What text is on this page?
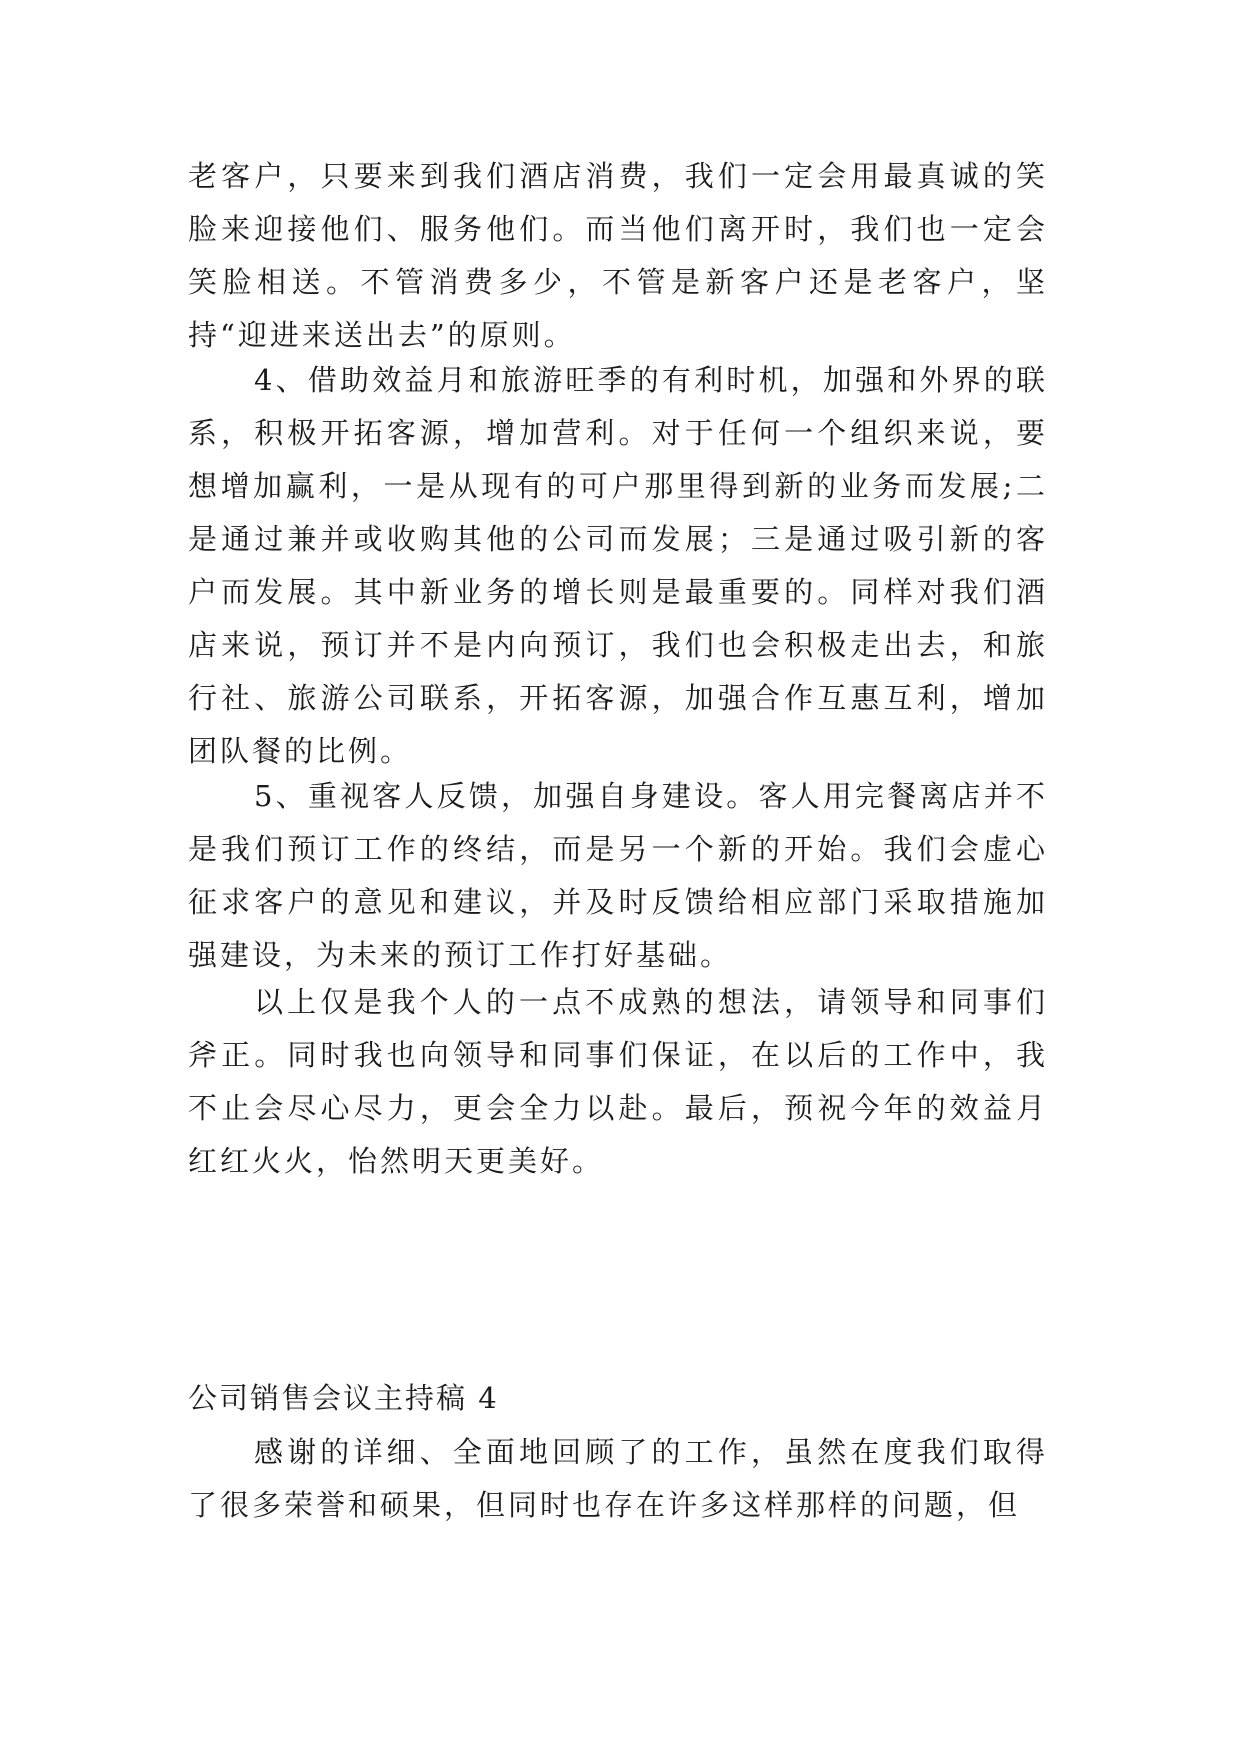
老客户，只要来到我们酒店消费，我们一定会用最真诚的笑脸来迎接他们、服务他们。而当他们离开时，我们也一定会笑脸相送。不管消费多少，不管是新客户还是老客户，坚持“迎进来送出去”的原则。

4、借助效益月和旅游旺季的有利时机，加强和外界的联系，积极开拓客源，增加营利。对于任何一个组织来说，要想增加赢利，一是从现有的可户那里得到新的业务而发展;二是通过兼并或收购其他的公司而发展；三是通过吸引新的客户而发展。其中新业务的增长则是最重要的。同样对我们酒店来说，预订并不是内向预订，我们也会积极走出去，和旅行社、旅游公司联系，开拓客源，加强合作互惠互利，增加团队餐的比例。

5、重视客人反馈，加强自身建设。客人用完餐离店并不是我们预订工作的终结，而是另一个新的开始。我们会虚心征求客户的意见和建议，并及时反馈给相应部门采取措施加强建设，为未来的预订工作打好基础。

以上仅是我个人的一点不成熟的想法，请领导和同事们斧正。同时我也向领导和同事们保证，在以后的工作中，我不止会尽心尽力，更会全力以赴。最后，预祝今年的效益月红红火火，怡然明天更美好。

公司销售会议主持稿 4

感谢的详细、全面地回顾了的工作，虽然在度我们取得了很多荣誉和硕果，但同时也存在许多这样那样的问题，但
